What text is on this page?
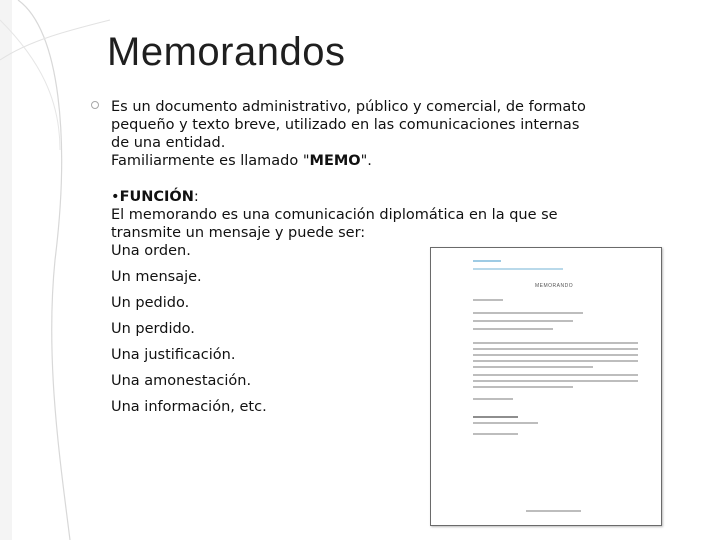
Memorandos

Es un documento administrativo, público y comercial, de formato

pequeño y texto breve, utilizado en las comunicaciones internas

de una entidad.

Familiarmente es llamado "MEMO".

•FUNCIÓN:

El memorando es una comunicación diplomática en la que se

transmite un mensaje y puede ser:

Una orden.
Un mensaje.
Un pedido.
Un perdido.
Una justificación.
Una amonestación.
Una información, etc.
MEMORANDO
